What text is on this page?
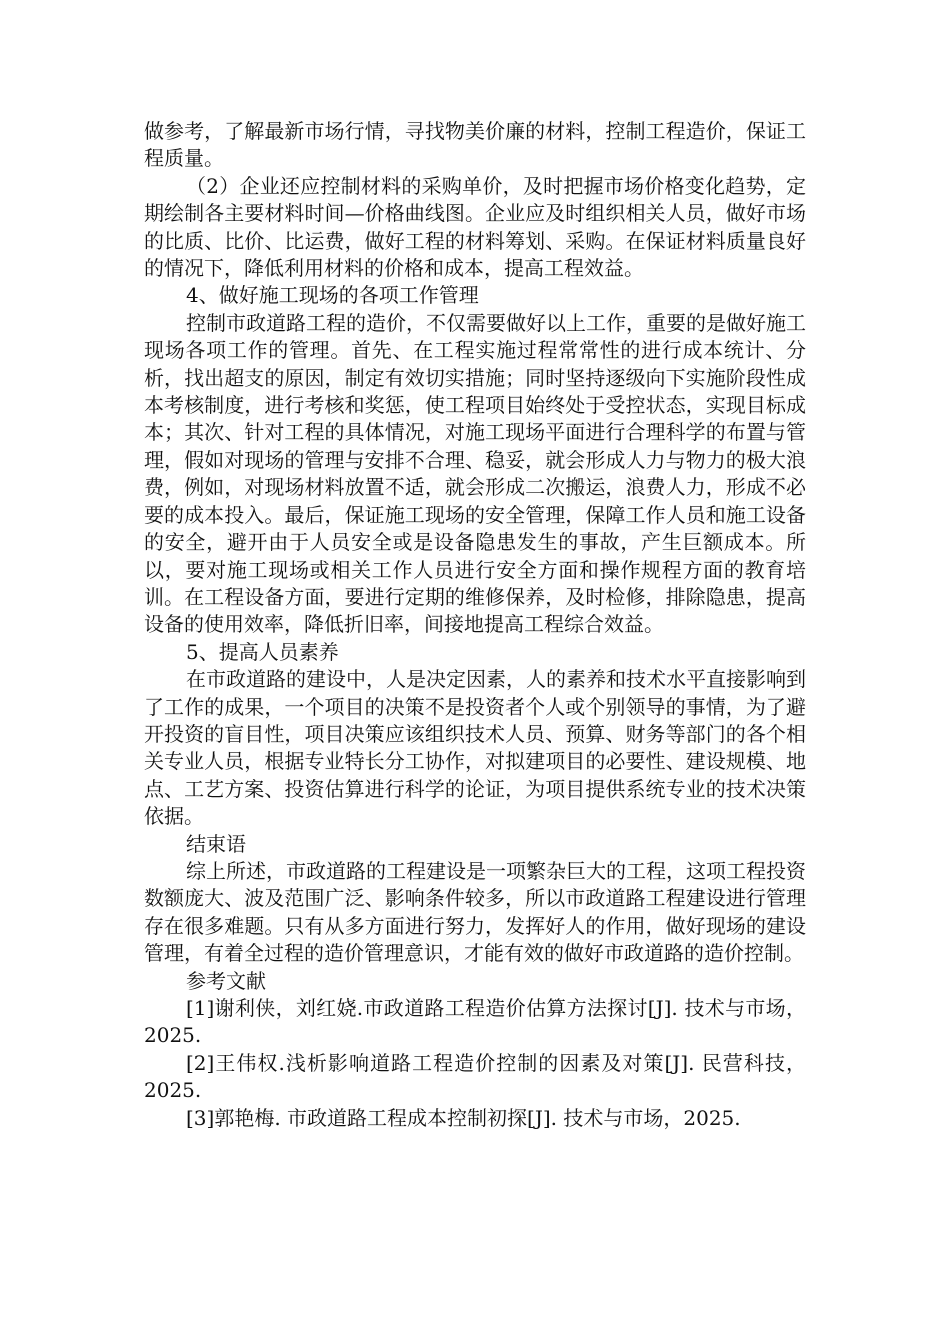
做参考，了解最新市场行情，寻找物美价廉的材料，控制工程造价，保证工程质量。

（2）企业还应控制材料的采购单价，及时把握市场价格变化趋势，定期绘制各主要材料时间—价格曲线图。企业应及时组织相关人员，做好市场的比质、比价、比运费，做好工程的材料筹划、采购。在保证材料质量良好的情况下，降低利用材料的价格和成本，提高工程效益。

4、做好施工现场的各项工作管理

控制市政道路工程的造价，不仅需要做好以上工作，重要的是做好施工现场各项工作的管理。首先、在工程实施过程常常性的进行成本统计、分析，找出超支的原因，制定有效切实措施；同时坚持逐级向下实施阶段性成本考核制度，进行考核和奖惩，使工程项目始终处于受控状态，实现目标成本；其次、针对工程的具体情况，对施工现场平面进行合理科学的布置与管理，假如对现场的管理与安排不合理、稳妥，就会形成人力与物力的极大浪费，例如，对现场材料放置不适，就会形成二次搬运，浪费人力，形成不必要的成本投入。最后，保证施工现场的安全管理，保障工作人员和施工设备的安全，避开由于人员安全或是设备隐患发生的事故，产生巨额成本。所以，要对施工现场或相关工作人员进行安全方面和操作规程方面的教育培训。在工程设备方面，要进行定期的维修保养，及时检修，排除隐患，提高设备的使用效率，降低折旧率，间接地提高工程综合效益。

5、提高人员素养

在市政道路的建设中，人是决定因素，人的素养和技术水平直接影响到了工作的成果，一个项目的决策不是投资者个人或个别领导的事情，为了避开投资的盲目性，项目决策应该组织技术人员、预算、财务等部门的各个相关专业人员，根据专业特长分工协作，对拟建项目的必要性、建设规模、地点、工艺方案、投资估算进行科学的论证，为项目提供系统专业的技术决策依据。

结束语

综上所述，市政道路的工程建设是一项繁杂巨大的工程，这项工程投资数额庞大、波及范围广泛、影响条件较多，所以市政道路工程建设进行管理存在很多难题。只有从多方面进行努力，发挥好人的作用，做好现场的建设管理，有着全过程的造价管理意识，才能有效的做好市政道路的造价控制。

参考文献

[1]谢利侠，刘红娆.市政道路工程造价估算方法探讨[J]. 技术与市场，2025.

[2]王伟权.浅析影响道路工程造价控制的因素及对策[J]. 民营科技，2025.

[3]郭艳梅. 市政道路工程成本控制初探[J]. 技术与市场，2025.
